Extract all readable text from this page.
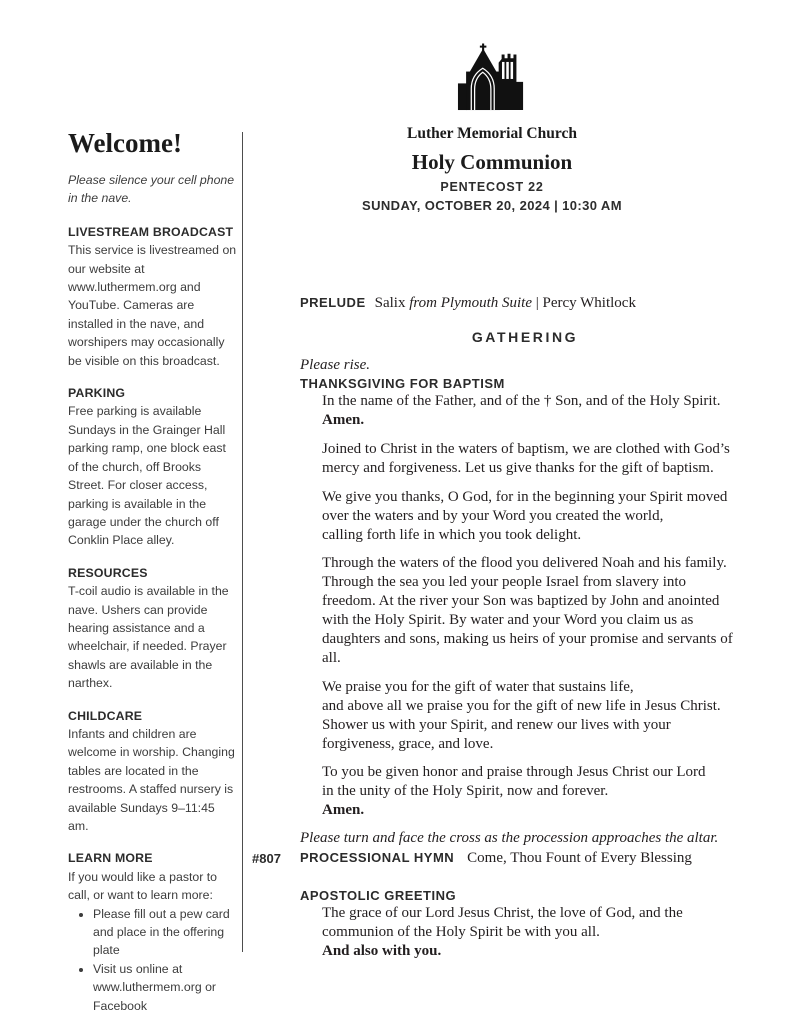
Welcome!

Please silence your cell phone in the nave.

LIVESTREAM BROADCAST

This service is livestreamed on our website at www.luthermem.org and YouTube. Cameras are installed in the nave, and worshipers may occasionally be visible on this broadcast.

PARKING

Free parking is available Sundays in the Grainger Hall parking ramp, one block east of the church, off Brooks Street. For closer access, parking is available in the garage under the church off Conklin Place alley.

RESOURCES

T-coil audio is available in the nave. Ushers can provide hearing assistance and a wheelchair, if needed. Prayer shawls are available in the narthex.

CHILDCARE

Infants and children are welcome in worship. Changing tables are located in the restrooms. A staffed nursery is available Sundays 9–11:45 am.

LEARN MORE

If you would like a pastor to call, or want to learn more:

• Please fill out a pew card and place in the offering plate
• Visit us online at www.luthermem.org or Facebook
Luther Memorial Church
Holy Communion
PENTECOST 22
SUNDAY, OCTOBER 20, 2024 | 10:30 AM
PRELUDE Salix from Plymouth Suite | Percy Whitlock
GATHERING
Please rise.
THANKSGIVING FOR BAPTISM
In the name of the Father, and of the † Son, and of the Holy Spirit.
Amen.
Joined to Christ in the waters of baptism, we are clothed with God’s
mercy and forgiveness. Let us give thanks for the gift of baptism.
We give you thanks, O God, for in the beginning your Spirit moved
over the waters and by your Word you created the world,
calling forth life in which you took delight.
Through the waters of the flood you delivered Noah and his family.
Through the sea you led your people Israel from slavery into
freedom. At the river your Son was baptized by John and anointed
with the Holy Spirit. By water and your Word you claim us as
daughters and sons, making us heirs of your promise and servants of
all.
We praise you for the gift of water that sustains life,
and above all we praise you for the gift of new life in Jesus Christ.
Shower us with your Spirit, and renew our lives with your
forgiveness, grace, and love.
To you be given honor and praise through Jesus Christ our Lord
in the unity of the Holy Spirit, now and forever.
Amen.
Please turn and face the cross as the procession approaches the altar.
#807 PROCESSIONAL HYMN Come, Thou Fount of Every Blessing
APOSTOLIC GREETING
The grace of our Lord Jesus Christ, the love of God, and the
communion of the Holy Spirit be with you all.
And also with you.
